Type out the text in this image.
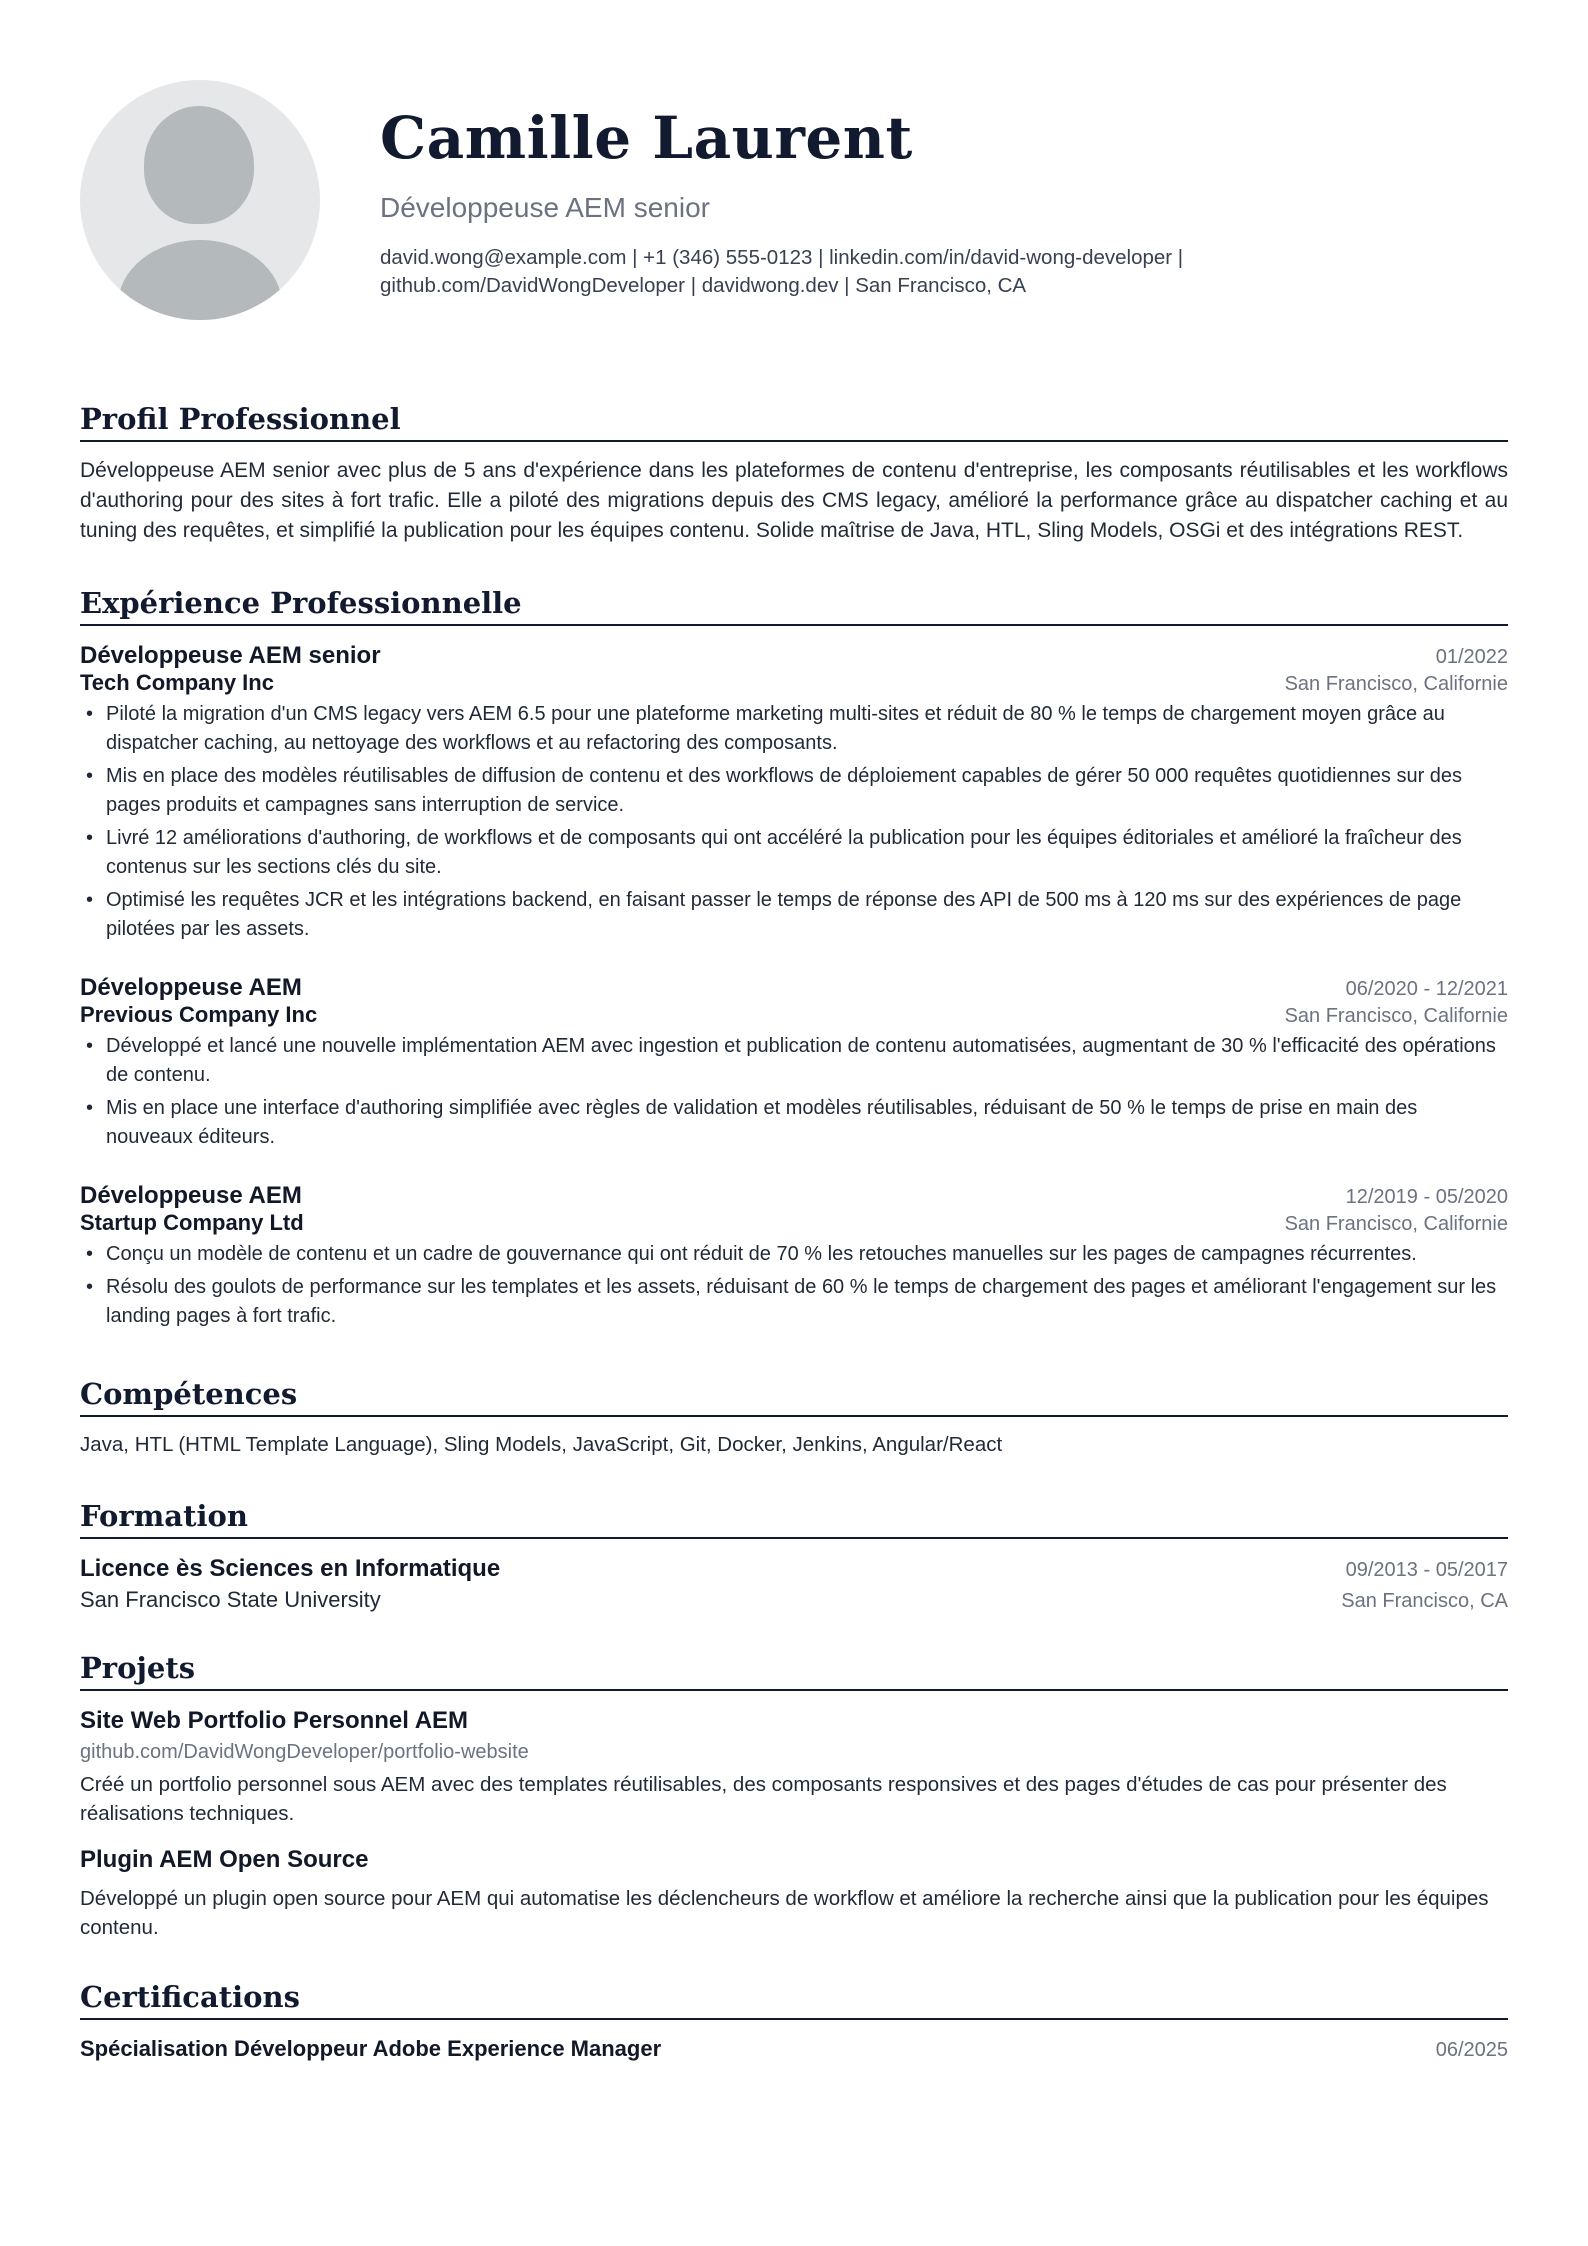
Camille Laurent
Développeuse AEM senior
david.wong@example.com | +1 (346) 555-0123 | linkedin.com/in/david-wong-developer |
github.com/DavidWongDeveloper | davidwong.dev | San Francisco, CA
Profil Professionnel

Développeuse AEM senior avec plus de 5 ans d'expérience dans les plateformes de contenu d'entreprise, les composants réutilisables et les workflows d'authoring pour des sites à fort trafic. Elle a piloté des migrations depuis des CMS legacy, amélioré la performance grâce au dispatcher caching et au tuning des requêtes, et simplifié la publication pour les équipes contenu. Solide maîtrise de Java, HTL, Sling Models, OSGi et des intégrations REST.

Expérience Professionnelle
Développeuse AEM senior	01/2022
Tech Company Inc	San Francisco, Californie
• Piloté la migration d'un CMS legacy vers AEM 6.5 pour une plateforme marketing multi-sites et réduit de 80 % le temps de chargement moyen grâce au dispatcher caching, au nettoyage des workflows et au refactoring des composants.
• Mis en place des modèles réutilisables de diffusion de contenu et des workflows de déploiement capables de gérer 50 000 requêtes quotidiennes sur des pages produits et campagnes sans interruption de service.
• Livré 12 améliorations d'authoring, de workflows et de composants qui ont accéléré la publication pour les équipes éditoriales et amélioré la fraîcheur des contenus sur les sections clés du site.
• Optimisé les requêtes JCR et les intégrations backend, en faisant passer le temps de réponse des API de 500 ms à 120 ms sur des expériences de page pilotées par les assets.
Développeuse AEM	06/2020 - 12/2021
Previous Company Inc	San Francisco, Californie
• Développé et lancé une nouvelle implémentation AEM avec ingestion et publication de contenu automatisées, augmentant de 30 % l'efficacité des opérations de contenu.
• Mis en place une interface d'authoring simplifiée avec règles de validation et modèles réutilisables, réduisant de 50 % le temps de prise en main des nouveaux éditeurs.
Développeuse AEM	12/2019 - 05/2020
Startup Company Ltd	San Francisco, Californie
• Conçu un modèle de contenu et un cadre de gouvernance qui ont réduit de 70 % les retouches manuelles sur les pages de campagnes récurrentes.
• Résolu des goulots de performance sur les templates et les assets, réduisant de 60 % le temps de chargement des pages et améliorant l'engagement sur les landing pages à fort trafic.
Compétences

Java, HTL (HTML Template Language), Sling Models, JavaScript, Git, Docker, Jenkins, Angular/React

Formation
Licence ès Sciences en Informatique	09/2013 - 05/2017
San Francisco State University	San Francisco, CA
Projets
Site Web Portfolio Personnel AEM
github.com/DavidWongDeveloper/portfolio-website
Créé un portfolio personnel sous AEM avec des templates réutilisables, des composants responsives et des pages d'études de cas pour présenter des réalisations techniques.
Plugin AEM Open Source
Développé un plugin open source pour AEM qui automatise les déclencheurs de workflow et améliore la recherche ainsi que la publication pour les équipes contenu.
Certifications
Spécialisation Développeur Adobe Experience Manager	06/2025
